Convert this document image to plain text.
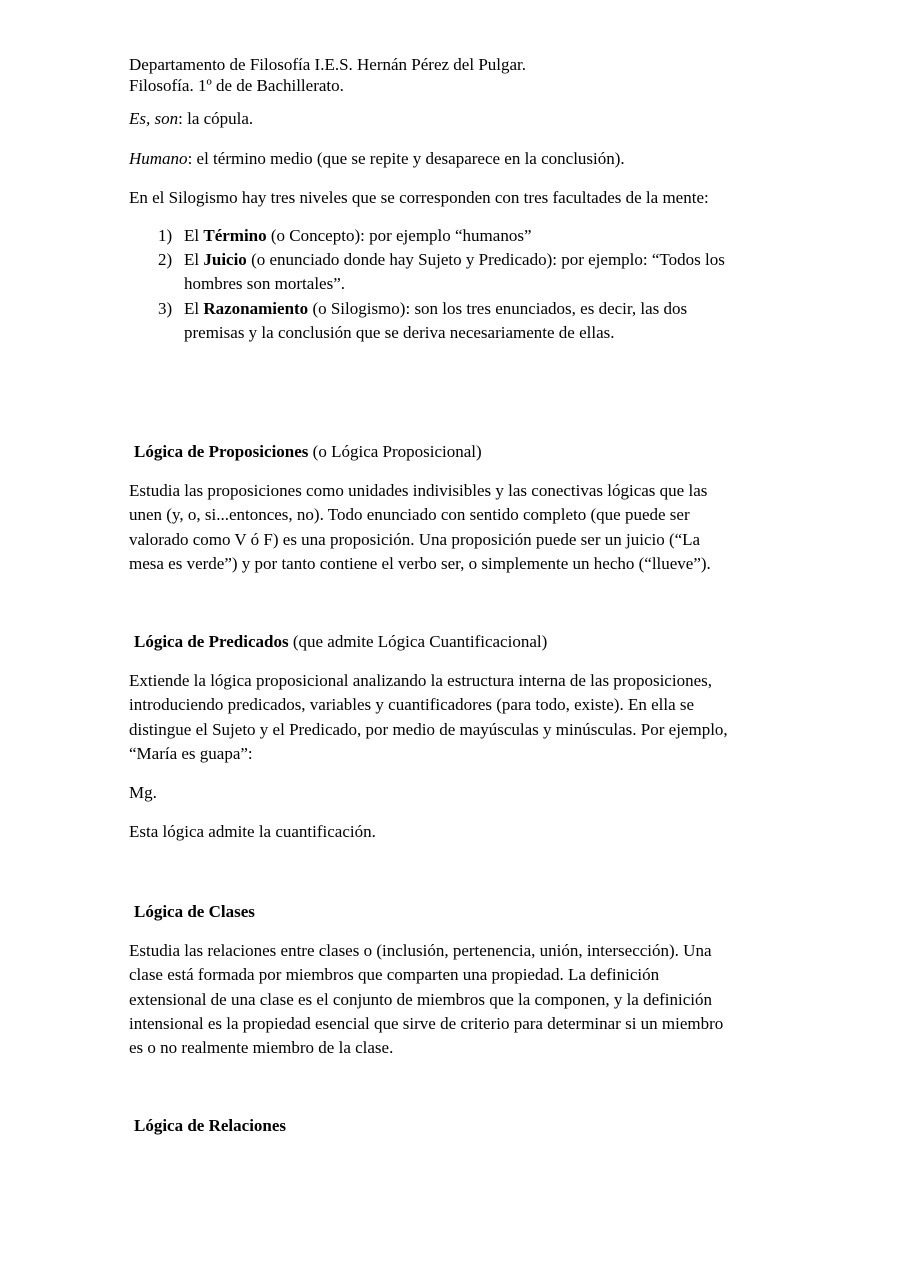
Departamento de Filosofía I.E.S. Hernán Pérez del Pulgar.
Filosofía. 1º de de Bachillerato.
Es, son: la cópula.
Humano: el término medio (que se repite y desaparece en la conclusión).
En el Silogismo hay tres niveles que se corresponden con tres facultades de la mente:
1) El Término (o Concepto): por ejemplo “humanos”
2) El Juicio (o enunciado donde hay Sujeto y Predicado): por ejemplo: “Todos los
hombres son mortales”.
3) El Razonamiento (o Silogismo): son los tres enunciados, es decir, las dos
premisas y la conclusión que se deriva necesariamente de ellas.
Lógica de Proposiciones (o Lógica Proposicional)
Estudia las proposiciones como unidades indivisibles y las conectivas lógicas que las
unen (y, o, si...entonces, no). Todo enunciado con sentido completo (que puede ser
valorado como V ó F) es una proposición. Una proposición puede ser un juicio (“La
mesa es verde”) y por tanto contiene el verbo ser, o simplemente un hecho (“llueve”).
Lógica de Predicados (que admite Lógica Cuantificacional)
Extiende la lógica proposicional analizando la estructura interna de las proposiciones,
introduciendo predicados, variables y cuantificadores (para todo, existe). En ella se
distingue el Sujeto y el Predicado, por medio de mayúsculas y minúsculas. Por ejemplo,
“María es guapa”:
Mg.
Esta lógica admite la cuantificación.
Lógica de Clases
Estudia las relaciones entre clases o (inclusión, pertenencia, unión, intersección). Una
clase está formada por miembros que comparten una propiedad. La definición
extensional de una clase es el conjunto de miembros que la componen, y la definición
intensional es la propiedad esencial que sirve de criterio para determinar si un miembro
es o no realmente miembro de la clase.
Lógica de Relaciones
